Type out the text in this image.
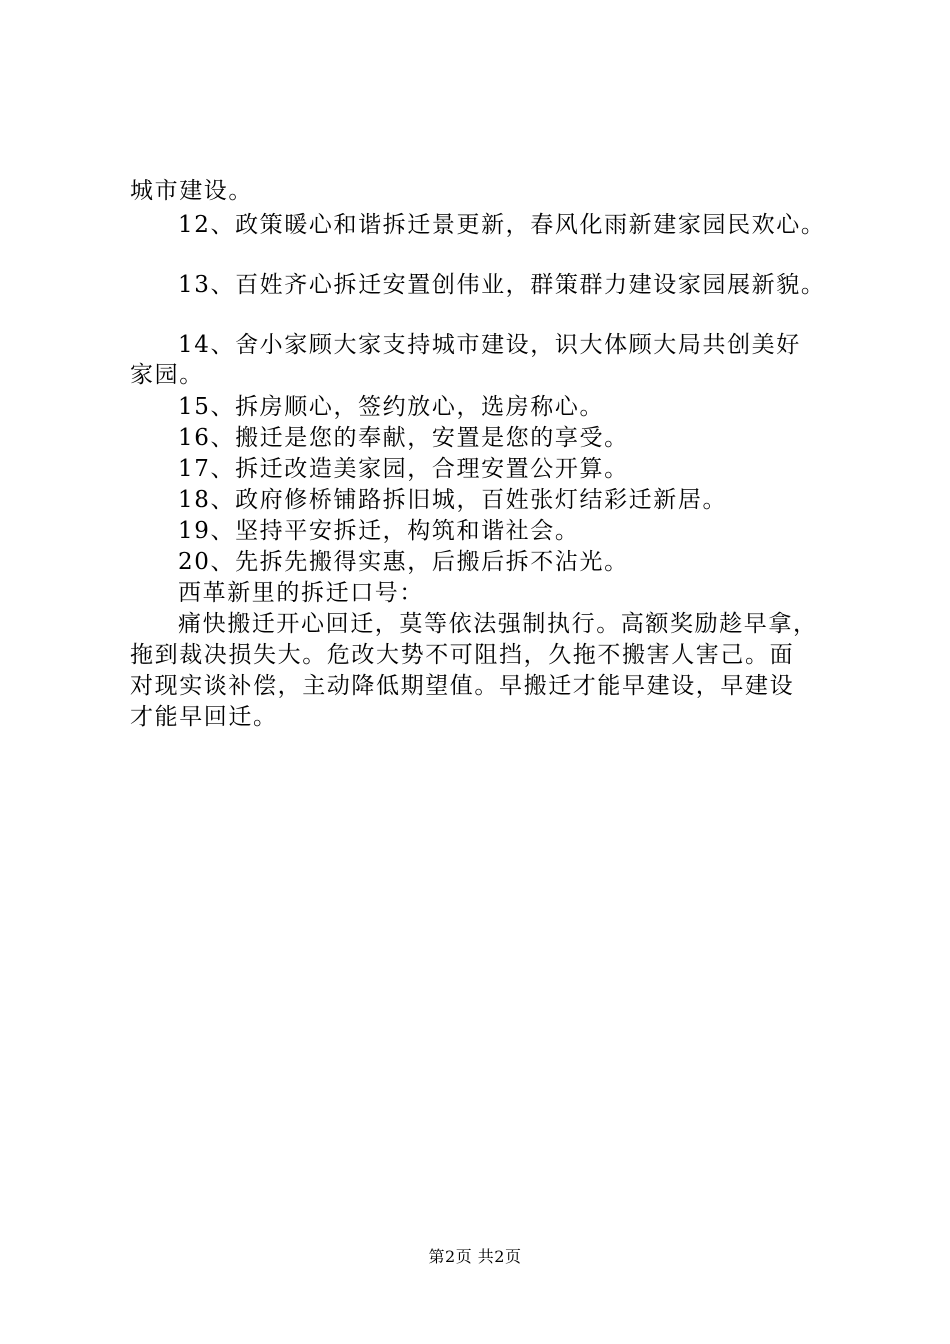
城市建设。
12、政策暖心和谐拆迁景更新，春风化雨新建家园民欢心。
13、百姓齐心拆迁安置创伟业，群策群力建设家园展新貌。
14、舍小家顾大家支持城市建设，识大体顾大局共创美好
家园。
15、拆房顺心，签约放心，选房称心。
16、搬迁是您的奉献，安置是您的享受。
17、拆迁改造美家园，合理安置公开算。
18、政府修桥铺路拆旧城，百姓张灯结彩迁新居。
19、坚持平安拆迁，构筑和谐社会。
20、先拆先搬得实惠，后搬后拆不沾光。
西革新里的拆迁口号：
痛快搬迁开心回迁，莫等依法强制执行。高额奖励趁早拿，
拖到裁决损失大。危改大势不可阻挡，久拖不搬害人害己。面
对现实谈补偿，主动降低期望值。早搬迁才能早建设，早建设
才能早回迁。
第2页 共2页
